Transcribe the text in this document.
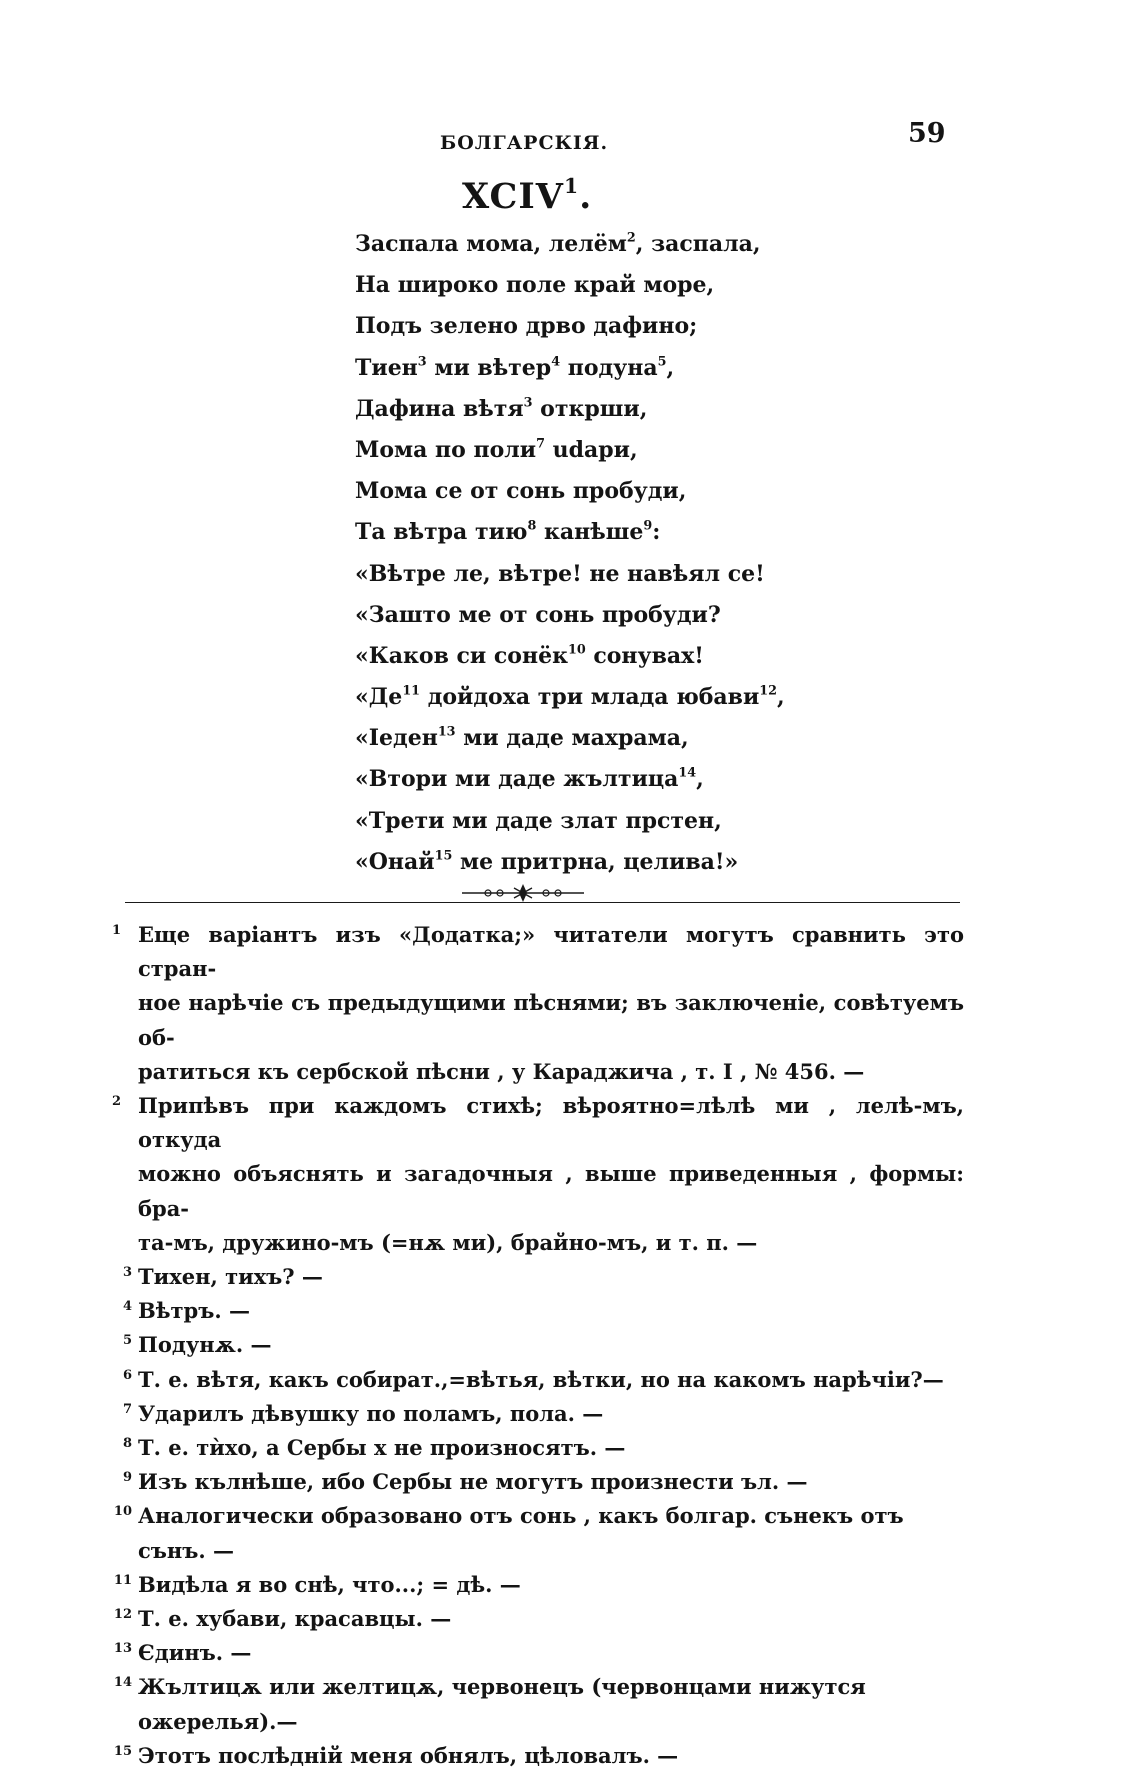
БОЛГАРСКІЯ.	59
XCIV$^1$.
Заспала мома, лелём$^2$, заспала,
На широко поле край море,
Подъ зелено дрво дафино;
Тиен$^3$ ми вѣтер$^4$ подуна$^5$,
Дафина вѣтя$^3$ открши,
Мома по поли$^7$ udари,
Мома се от сонь пробуди,
Та вѣтра тию$^8$ канѣше$^9$:
«Вѣтре ле, вѣтре! не навѣял се!
«Зашто ме от сонь пробуди?
«Каков си сонёк$^{10}$ сонувах!
«$Де^{11}$ дойдоха три млада юбави$^{12}$,
«Іеден$^{13}$ ми даде махрама,
«Втори ми даде жълтица$^{14}$,
«Трети ми даде злат прстен,
«Онай$^{15}$ ме притрна, целива!»
1 Еще варіантъ изъ «Додатка;» читатели могутъ сравнить это стран-
ное нарѣчіе съ предыдущими пѣснями; въ заключеніе, совѣтуемъ об-
ратиться къ сербской пѣсни , у Караджича , т. I , № 456. —
2 Припѣвъ при каждомъ стихѣ; вѣроятно=лѣлѣ ми , лелѣ-мъ, откуда
можно объяснять и загадочныя , выше приведенныя , формы: бра-
та-мъ, дружино-мъ (=нѫ ми), брайно-мъ, и т. п. —
3 Тихен, тихъ? —
4 Вѣтръ. —
5 Подунѫ. —
6 Т. е. вѣтя, какъ собират.,=вѣтья, вѣтки, но на какомъ нарѣчіи?—
7 Ударилъ дѣвушку по поламъ, пола. —
8 Т. е. тѝхо, а Сербы х не произносятъ. —
9 Изъ кълнѣше, ибо Сербы не могутъ произнести ъл. —
10 Аналогически образовано отъ сонь , какъ болгар. сънекъ отъ сънъ. —
11 Видѣла я во снѣ, что...; = дѣ. —
12 Т. е. хубави, красавцы. —
13 Єдинъ. —
14 Жълтицѫ или желтицѫ, червонецъ (червонцами нижутся ожерелья).—
15 Этотъ послѣдній меня обнялъ, цѣловалъ. —
